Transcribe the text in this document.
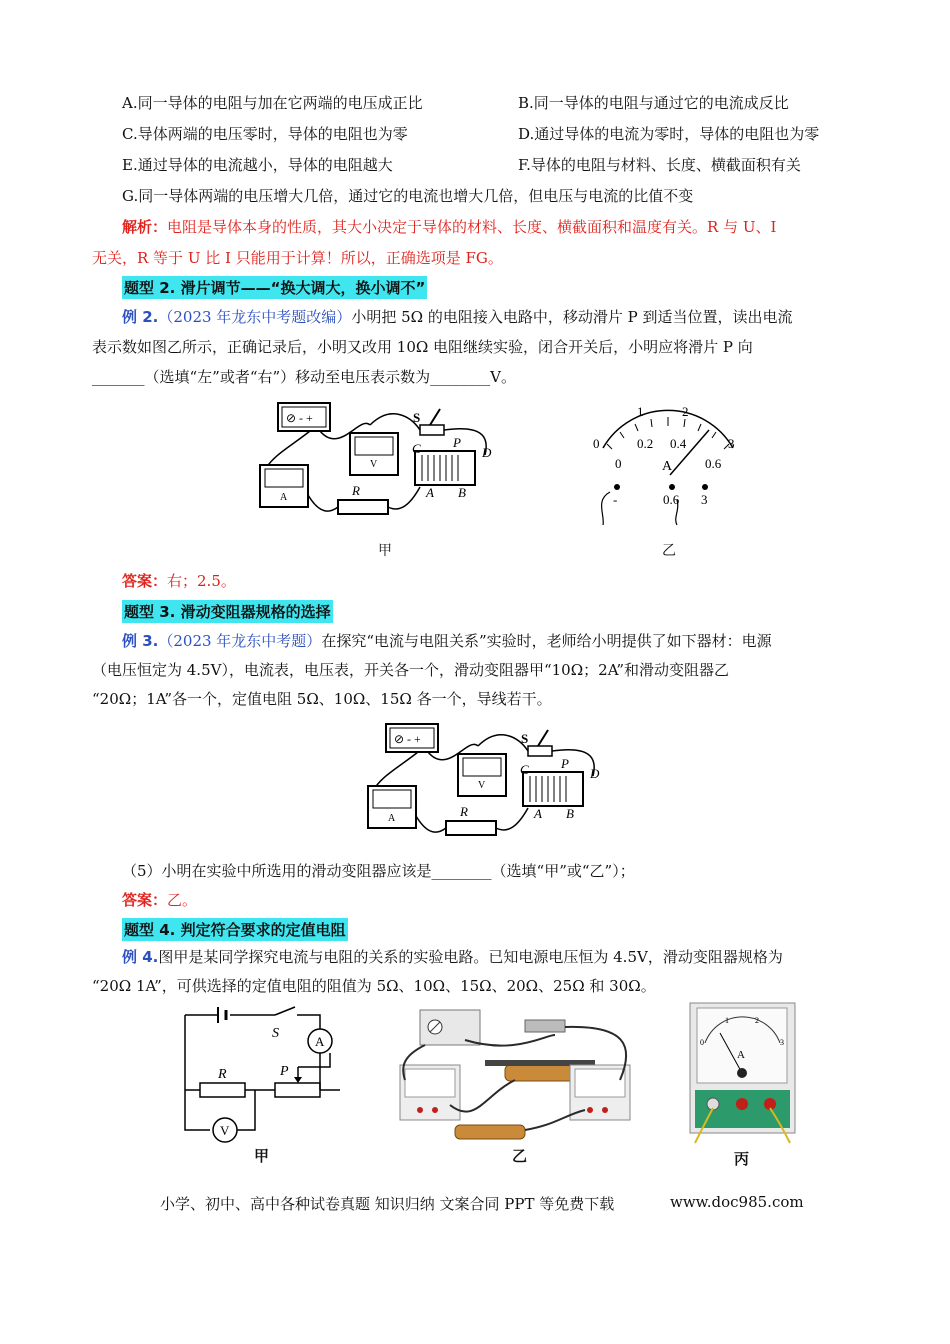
A.同一导体的电阻与加在它两端的电压成正比	B.同一导体的电阻与通过它的电流成反比
C.导体两端的电压零时，导体的电阻也为零	D.通过导体的电流为零时，导体的电阻也为零
E.通过导体的电流越小，导体的电阻越大	F.导体的电阻与材料、长度、横截面积有关
G.同一导体两端的电压增大几倍，通过它的电流也增大几倍，但电压与电流的比值不变
解析：电阻是导体本身的性质，其大小决定于导体的材料、长度、横截面积和温度有关。R 与 U、I
无关，R 等于 U 比 I 只能用于计算！所以，正确选项是 FG。
题型 2. 滑片调节——“换大调大，换小调不”
例 2.（2023 年龙东中考题改编）小明把 5Ω 的电阻接入电路中，移动滑片 P 到适当位置，读出电流
表示数如图乙所示，正确记录后，小明又改用 10Ω 电阻继续实验，闭合开关后，小明应将滑片 P 向
_______（选填“左”或者“右”）移动至电压表示数为________V。
⊘ - +
A
V
R
C	D
A B
P
S
甲
0
1	2
3
0
0.2 0.4
0.6
A
-	0.6 3
乙
答案：右；2.5。
题型 3. 滑动变阻器规格的选择
例 3.（2023 年龙东中考题）在探究“电流与电阻关系”实验时，老师给小明提供了如下器材：电源
（电压恒定为 4.5V），电流表，电压表，开关各一个，滑动变阻器甲“10Ω；2A”和滑动变阻器乙
“20Ω；1A”各一个，定值电阻 5Ω、10Ω、15Ω 各一个，导线若干。
⊘ - +
A
V
R
C	D
A B
P
S
（5）小明在实验中所选用的滑动变阻器应该是________（选填“甲”或“乙”）；
答案：乙。
题型 4. 判定符合要求的定值电阻
例 4.图甲是某同学探究电流与电阻的关系的实验电路。已知电源电压恒为 4.5V，滑动变阻器规格为
“20Ω 1A”，可供选择的定值电阻的阻值为 5Ω、10Ω、15Ω、20Ω、25Ω 和 30Ω。
S
A
V
R	P
甲	乙
0
1	2
3
A
丙
小学、初中、高中各种试卷真题 知识归纳 文案合同 PPT 等免费下载	www.doc985.com
